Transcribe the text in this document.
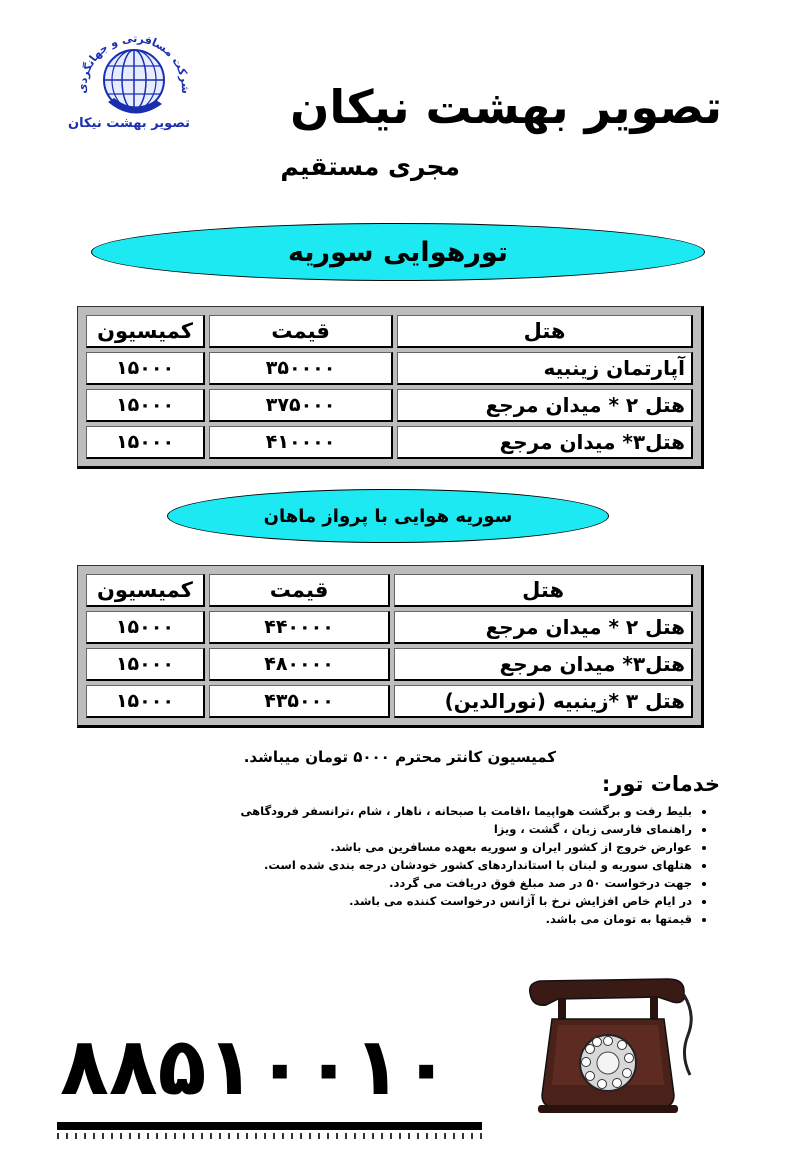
شرکت مسافرتی و جهانگردی
تصویر بهشت نیکان تصویر بهشت نیکان
مجری مستقیم
تورهوایی سوریه
هتل	قیمت	کمیسیون
آپارتمان زینبیه	۳۵۰۰۰۰	۱۵۰۰۰
هتل ۲ * میدان مرجع	۳۷۵۰۰۰	۱۵۰۰۰
هتل۳* میدان مرجع	۴۱۰۰۰۰	۱۵۰۰۰
سوریه هوایی با پرواز ماهان
هتل	قیمت	کمیسیون
هتل ۲ * میدان مرجع	۴۴۰۰۰۰	۱۵۰۰۰
هتل۳* میدان مرجع	۴۸۰۰۰۰	۱۵۰۰۰
هتل ۳ *زینبیه (نورالدین)	۴۳۵۰۰۰	۱۵۰۰۰
کمیسیون کانتر محترم ۵۰۰۰ تومان میباشد.
خدمات تور:
• بلیط رفت و برگشت هواپیما ،اقامت با صبحانه ، ناهار ، شام ،ترانسفر فرودگاهی
• راهنمای فارسی زبان ، گشت ، ویزا
• عوارض خروج از کشور ایران و سوریه بعهده مسافرین می باشد.
• هتلهای سوریه و لبنان با استانداردهای کشور خودشان درجه بندی شده است.
• جهت درخواست ۵۰ در صد مبلغ فوق دریافت می گردد.
• در ایام خاص افزایش نرخ با آژانس درخواست کننده می باشد.
• قیمتها به تومان می باشد.
۸۸۵۱۰۰۱۰
